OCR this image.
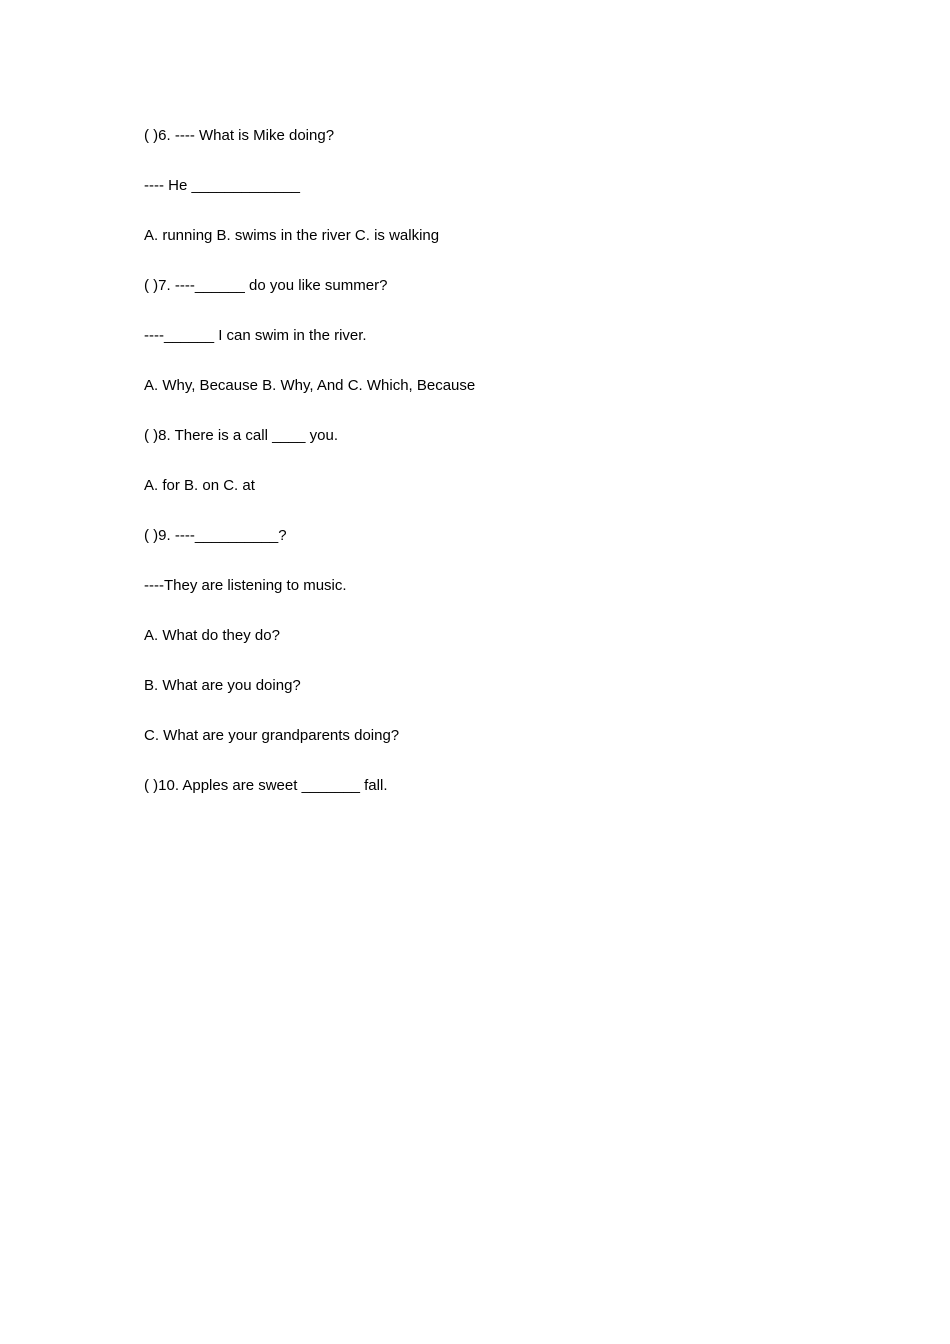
( )6. ---- What is Mike doing?
---- He _____________
A. running B. swims in the river C. is walking
( )7. ----______ do you like summer?
----______ I can swim in the river.
A. Why, Because B. Why, And C. Which, Because
( )8. There is a call ____ you.
A. for B. on C. at
( )9. ----__________?
----They are listening to music.
A. What do they do?
B. What are you doing?
C. What are your grandparents doing?
( )10. Apples are sweet _______ fall.
